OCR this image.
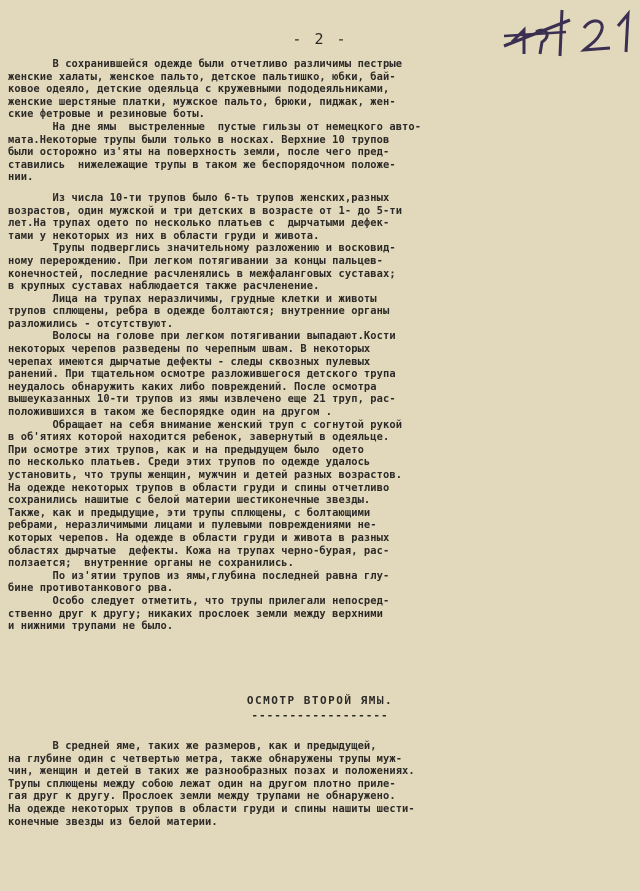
- 2 -
В сохранившейся одежде были отчетливо различимы пестрые
женские халаты, женское пальто, детское пальтишко, юбки, бай-
ковое одеяло, детские одеяльца с кружевными пододеяльниками,
женские шерстяные платки, мужское пальто, брюки, пиджак, жен-
ские фетровые и резиновые боты.
На дне ямы  выстреленные  пустые гильзы от немецкого авто-
мата.Некоторые трупы были только в носках. Верхние 10 трупов
были осторожно из'яты на поверхность земли, после чего пред-
ставились  нижележащие трупы в таком же беспорядочном положе-
нии.
Из числа 10-ти трупов было 6-ть трупов женских,разных
возрастов, один мужской и три детских в возрасте от 1- до 5-ти
лет.На трупах одето по несколько платьев с  дырчатыми дефек-
тами у некоторых из них в области груди и живота.
Трупы подверглись значительному разложению и восковид-
ному перерождению. При легком потягивании за концы пальцев-
конечностей, последние расчленялись в межфаланговых суставах;
в крупных суставах наблюдается также расчленение.
Лица на трупах неразличимы, грудные клетки и животы
трупов сплющены, ребра в одежде болтаются; внутренние органы
разложились - отсутствуют.
Волосы на голове при легком потягивании выпадают.Кости
некоторых черепов разведены по черепным швам. В некоторых
черепах имеются дырчатые дефекты - следы сквозных пулевых
ранений. При тщательном осмотре разложившегося детского трупа
неудалось обнаружить каких либо повреждений. После осмотра
вышеуказанных 10-ти трупов из ямы извлечено еще 21 труп, рас-
положившихся в таком же беспорядке один на другом .
Обращает на себя внимание женский труп с согнутой рукой
в об'ятиях которой находится ребенок, завернутый в одеяльце.
При осмотре этих трупов, как и на предыдущем было  одето
по несколько платьев. Среди этих трупов по одежде удалось
установить, что трупы женщин, мужчин и детей разных возрастов.
На одежде некоторых трупов в области груди и спины отчетливо
сохранились нашитые с белой материи шестиконечные звезды.
Также, как и предыдущие, эти трупы сплющены, с болтающими
ребрами, неразличимыми лицами и пулевыми повреждениями не-
которых черепов. На одежде в области груди и живота в разных
областях дырчатые  дефекты. Кожа на трупах черно-бурая, рас-
ползается;  внутренние органы не сохранились.
По из'ятии трупов из ямы,глубина последней равна глу-
бине противотанкового рва.
Особо следует отметить, что трупы прилегали непосред-
ственно друг к другу; никаких прослоек земли между верхними
и нижними трупами не было.
ОСМОТР ВТОРОЙ ЯМЫ.
------------------
В средней яме, таких же размеров, как и предыдущей,
на глубине один с четвертью метра, также обнаружены трупы муж-
чин, женщин и детей в таких же разнообразных позах и положениях.
Трупы сплющены между собою лежат один на другом плотно приле-
гая друг к другу. Прослоек земли между трупами не обнаружено.
На одежде некоторых трупов в области груди и спины нашиты шести-
конечные звезды из белой материи.
